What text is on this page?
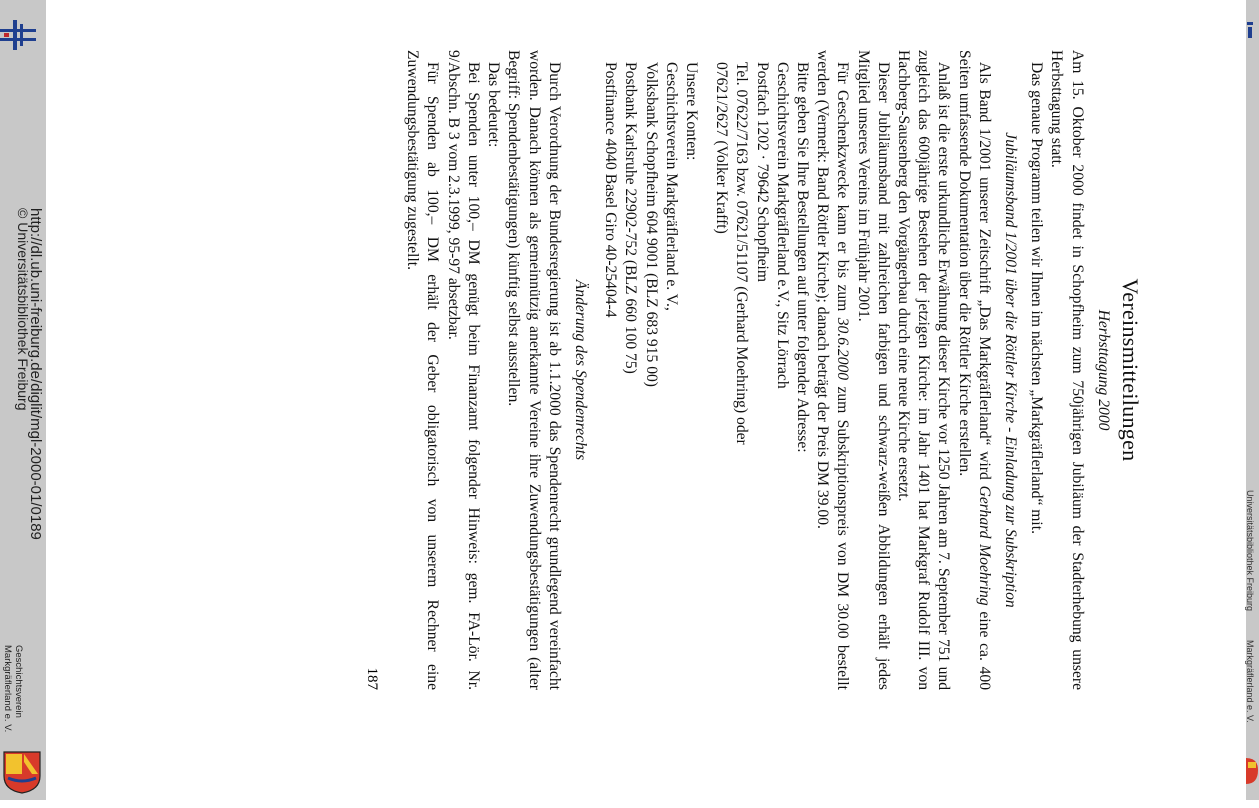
Markgräflerland e. V.
Vereinsmitteilungen
Herbsttagung 2000

Am 15. Oktober 2000 findet in Schopfheim zum 750jährigen Jubiläum der Stadterhebung unsere Herbsttagung statt.

Das genaue Programm teilen wir Ihnen im nächsten „Markgräflerland“ mit.

Jubiläumsband 1/2001 über die Röttler Kirche - Einladung zur Subskription

Als Band 1/2001 unserer Zeitschrift „Das Markgräflerland“ wird Gerhard Moehring eine ca. 400 Seiten umfassende Dokumentation über die Röttler Kirche erstellen.

Anlaß ist die erste urkundliche Erwähnung dieser Kirche vor 1250 Jahren am 7. September 751 und zugleich das 600jährige Bestehen der jetzigen Kirche: im Jahr 1401 hat Markgraf Rudolf III. von Hachberg-Sausenberg den Vorgängerbau durch eine neue Kirche ersetzt.

Dieser Jubiläumsband mit zahlreichen farbigen und schwarz-weißen Abbildungen erhält jedes Mitglied unseres Vereins im Frühjahr 2001.

Für Geschenkzwecke kann er bis zum 30.6.2000 zum Subskriptionspreis von DM 30.00 bestellt werden (Vermerk: Band Röttler Kirche); danach beträgt der Preis DM 39.00.

Bitte geben Sie Ihre Bestellungen auf unter folgender Adresse:

Geschichtsverein Markgräflerland e.V., Sitz Lörrach

Postfach 1202 · 79642 Schopfheim

Tel. 07622/7163 bzw. 07621/51107 (Gerhard Moehring) oder

07621/2627 (Volker Krafft)

Unsere Konten:

Geschichtsverein Markgräflerland e. V.,

Volksbank Schopfheim 604 9001 (BLZ 683 915 00)

Postbank Karlsruhe 22902-752 (BLZ 660 100 75)

Postfinance 4040 Basel Giro 40-25404-4

Änderung des Spendenrechts

Durch Verordnung der Bundesregierung ist ab 1.1.2000 das Spendenrecht grundlegend vereinfacht worden. Danach können als gemeinnützig anerkannte Vereine ihre Zuwendungsbestätigungen (alter Begriff: Spendenbestätigungen) künftig selbst ausstellen.

Das bedeutet:

Bei Spenden unter 100,– DM genügt beim Finanzamt folgender Hinweis: gem. FA-Lör. Nr. 9/Abschn. B 3 vom 2.3.1999, 95-97 absetzbar.

Für Spenden ab 100,– DM erhält der Geber obligatorisch von unserem Rechner eine Zuwendungsbestätigung zugestellt.

187
http://dl.ub.uni-freiburg.de/diglit/mgl-2000-01/0189
© Universitätsbibliothek Freiburg
Geschichtsverein
Markgräflerland e. V.
